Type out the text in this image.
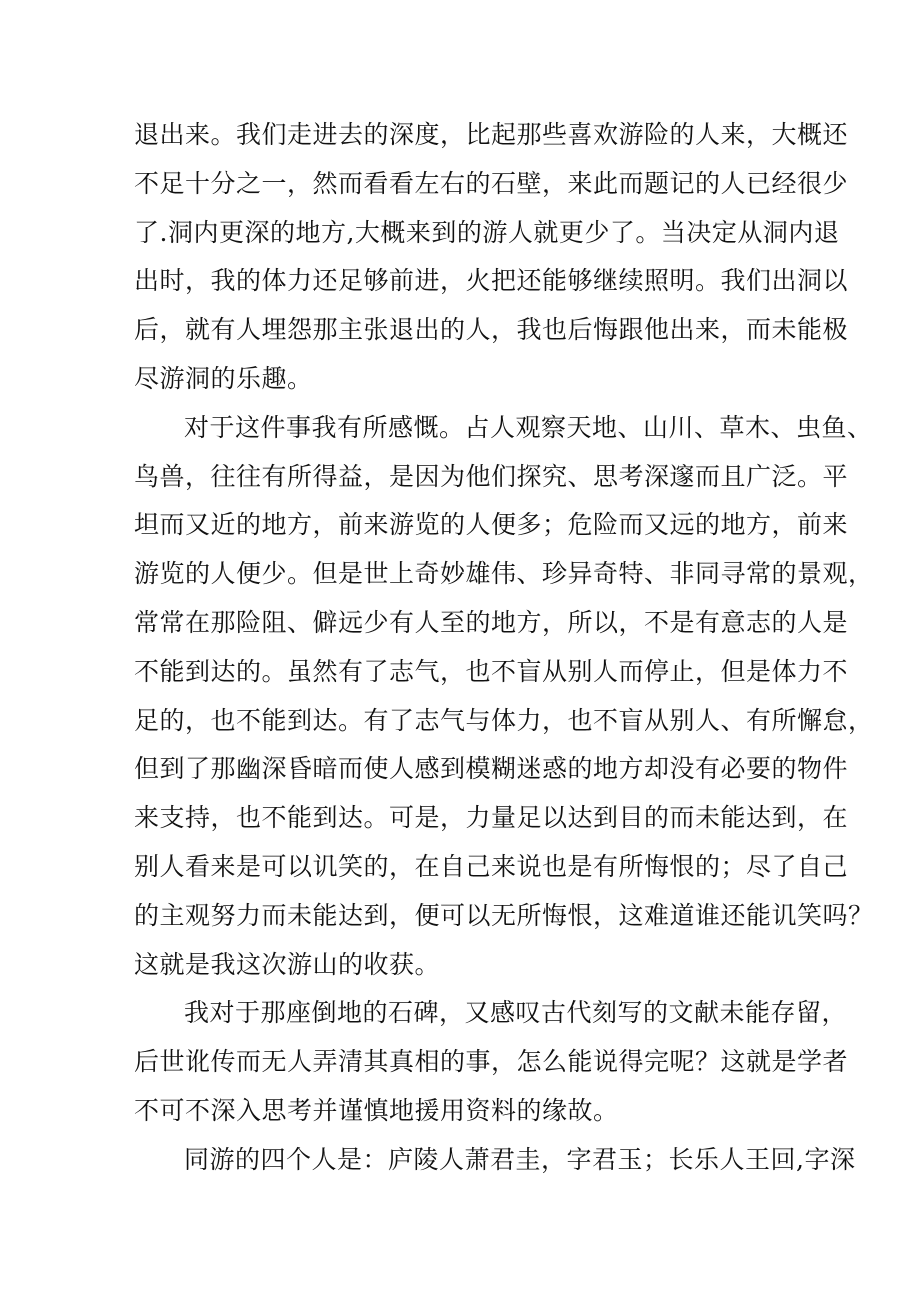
退出来。我们走进去的深度，比起那些喜欢游险的人来，大概还
不足十分之一，然而看看左右的石壁，来此而题记的人已经很少
了.洞内更深的地方,大概来到的游人就更少了。当决定从洞内退
出时，我的体力还足够前进，火把还能够继续照明。我们出洞以
后，就有人埋怨那主张退出的人，我也后悔跟他出来，而未能极
尽游洞的乐趣。
对于这件事我有所感慨。占人观察天地、山川、草木、虫鱼、
鸟兽，往往有所得益，是因为他们探究、思考深邃而且广泛。平
坦而又近的地方，前来游览的人便多；危险而又远的地方，前来
游览的人便少。但是世上奇妙雄伟、珍异奇特、非同寻常的景观，
常常在那险阻、僻远少有人至的地方，所以，不是有意志的人是
不能到达的。虽然有了志气，也不盲从别人而停止，但是体力不
足的，也不能到达。有了志气与体力，也不盲从别人、有所懈怠，
但到了那幽深昏暗而使人感到模糊迷惑的地方却没有必要的物件
来支持，也不能到达。可是，力量足以达到目的而未能达到，在
别人看来是可以讥笑的，在自己来说也是有所悔恨的；尽了自己
的主观努力而未能达到，便可以无所悔恨，这难道谁还能讥笑吗？
这就是我这次游山的收获。
我对于那座倒地的石碑，又感叹古代刻写的文献未能存留，
后世讹传而无人弄清其真相的事，怎么能说得完呢？这就是学者
不可不深入思考并谨慎地援用资料的缘故。
同游的四个人是：庐陵人萧君圭，字君玉；长乐人王回,字深
